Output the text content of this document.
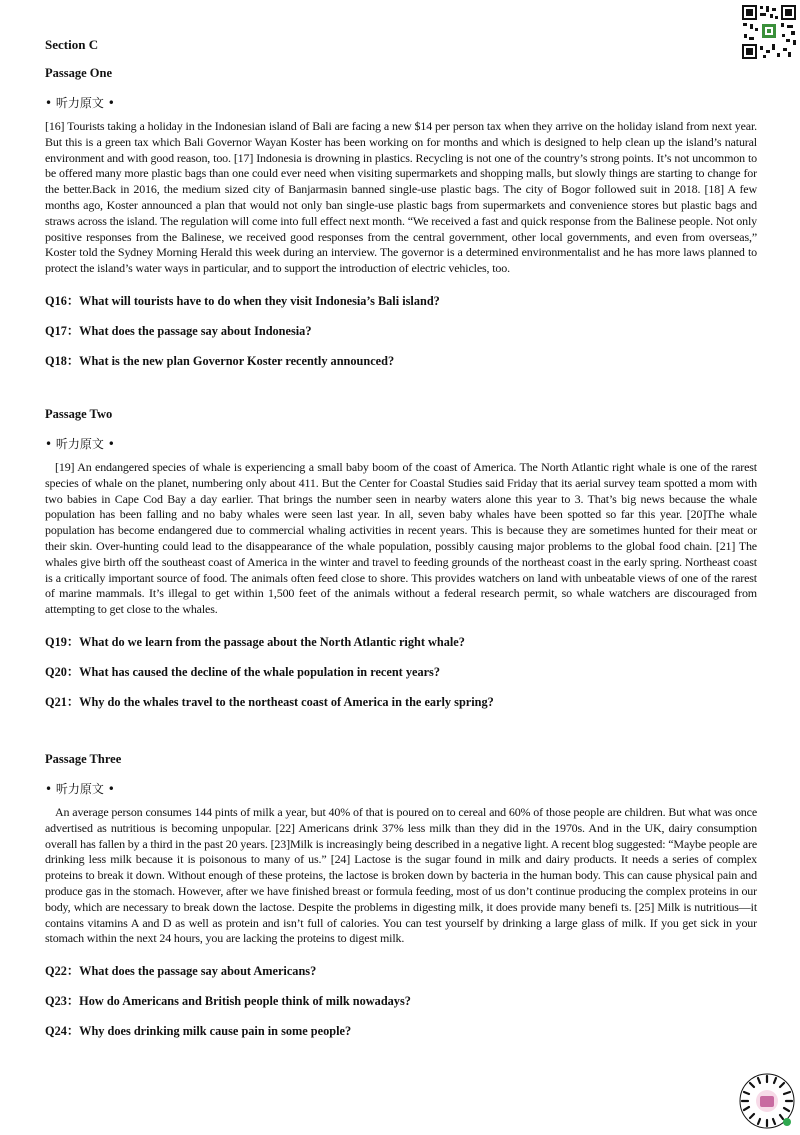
Section C
Passage One
• 听力原文 •
[16] Tourists taking a holiday in the Indonesian island of Bali are facing a new $14 per person tax when they arrive on the holiday island from next year. But this is a green tax which Bali Governor Wayan Koster has been working on for months and which is designed to help clean up the island’s natural environment and with good reason, too. [17] Indonesia is drowning in plastics. Recycling is not one of the country’s strong points. It’s not uncommon to be offered many more plastic bags than one could ever need when visiting supermarkets and shopping malls, but slowly things are starting to change for the better.Back in 2016, the medium sized city of Banjarmasin banned single-use plastic bags. The city of Bogor followed suit in 2018. [18] A few months ago, Koster announced a plan that would not only ban single-use plastic bags from supermarkets and convenience stores but plastic bags and straws across the island. The regulation will come into full effect next month. “We received a fast and quick response from the Balinese people. Not only positive responses from the Balinese, we received good responses from the central government, other local governments, and even from overseas,” Koster told the Sydney Morning Herald this week during an interview. The governor is a determined environmentalist and he has more laws planned to protect the island’s water ways in particular, and to support the introduction of electric vehicles, too.
Q16：What will tourists have to do when they visit Indonesia’s Bali island?
Q17：What does the passage say about Indonesia?
Q18：What is the new plan Governor Koster recently announced?
Passage Two
• 听力原文 •
[19] An endangered species of whale is experiencing a small baby boom of the coast of America. The North Atlantic right whale is one of the rarest species of whale on the planet, numbering only about 411. But the Center for Coastal Studies said Friday that its aerial survey team spotted a mom with two babies in Cape Cod Bay a day earlier. That brings the number seen in nearby waters alone this year to 3. That’s big news because the whale population has been falling and no baby whales were seen last year. In all, seven baby whales have been spotted so far this year. [20]The whale population has become endangered due to commercial whaling activities in recent years. This is because they are sometimes hunted for their meat or their skin. Over-hunting could lead to the disappearance of the whale population, possibly causing major problems to the global food chain. [21] The whales give birth off the southeast coast of America in the winter and travel to feeding grounds of the northeast coast in the early spring. Northeast coast is a critically important source of food. The animals often feed close to shore. This provides watchers on land with unbeatable views of one of the rarest of marine mammals. It’s illegal to get within 1,500 feet of the animals without a federal research permit, so whale watchers are discouraged from attempting to get close to the whales.
Q19：What do we learn from the passage about the North Atlantic right whale?
Q20：What has caused the decline of the whale population in recent years?
Q21：Why do the whales travel to the northeast coast of America in the early spring?
Passage Three
• 听力原文 •
An average person consumes 144 pints of milk a year, but 40% of that is poured on to cereal and 60% of those people are children. But what was once advertised as nutritious is becoming unpopular. [22] Americans drink 37% less milk than they did in the 1970s. And in the UK, dairy consumption overall has fallen by a third in the past 20 years. [23]Milk is increasingly being described in a negative light. A recent blog suggested: “Maybe people are drinking less milk because it is poisonous to many of us.” [24] Lactose is the sugar found in milk and dairy products. It needs a series of complex proteins to break it down. Without enough of these proteins, the lactose is broken down by bacteria in the human body. This can cause physical pain and produce gas in the stomach. However, after we have finished breast or formula feeding, most of us don’t continue producing the complex proteins in our body, which are necessary to break down the lactose. Despite the problems in digesting milk, it does provide many benefi ts. [25] Milk is nutritious—it contains vitamins A and D as well as protein and isn’t full of calories. You can test yourself by drinking a large glass of milk. If you get sick in your stomach within the next 24 hours, you are lacking the proteins to digest milk.
Q22：What does the passage say about Americans?
Q23：How do Americans and British people think of milk nowadays?
Q24：Why does drinking milk cause pain in some people?
